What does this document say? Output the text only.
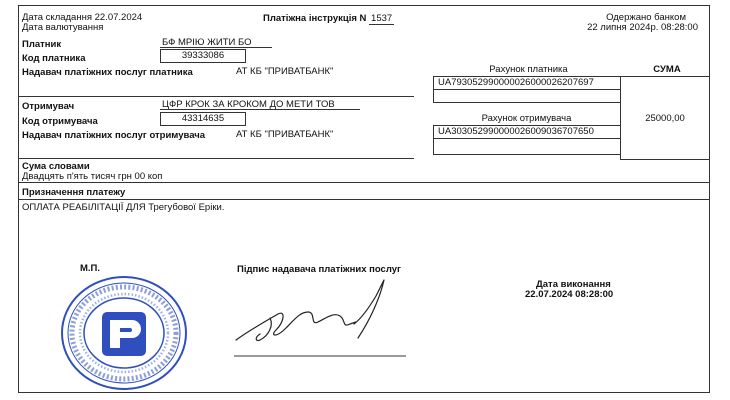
Дата складання 22.07.2024
Дата валютування
Платіжна інструкція N 1537	Одержано банком
22 липня 2024р. 08:28:00
Платник	БФ МРІЮ ЖИТИ БО
Код платника	39333086
Надавач платіжних послуг платника	АТ КБ "ПРИВАТБАНК"
Отримувач	ЦФР КРОК ЗА КРОКОМ ДО МЕТИ ТОВ
Код отримувача	43314635
Надавач платіжних послуг отримувача	АТ КБ "ПРИВАТБАНК"
Рахунок платника	СУМА
UA793052990000026000026207697
25000,00
Рахунок отримувача
UA303052990000026009036707650
Сума словами
Двадцять п'ять тисяч грн 00 коп
Призначення платежу
ОПЛАТА РЕАБІЛІТАЦІЇ ДЛЯ Трегубової Еріки.
М.П.	Підпис надавача платіжних послуг
Дата виконання
22.07.2024 08:28:00
